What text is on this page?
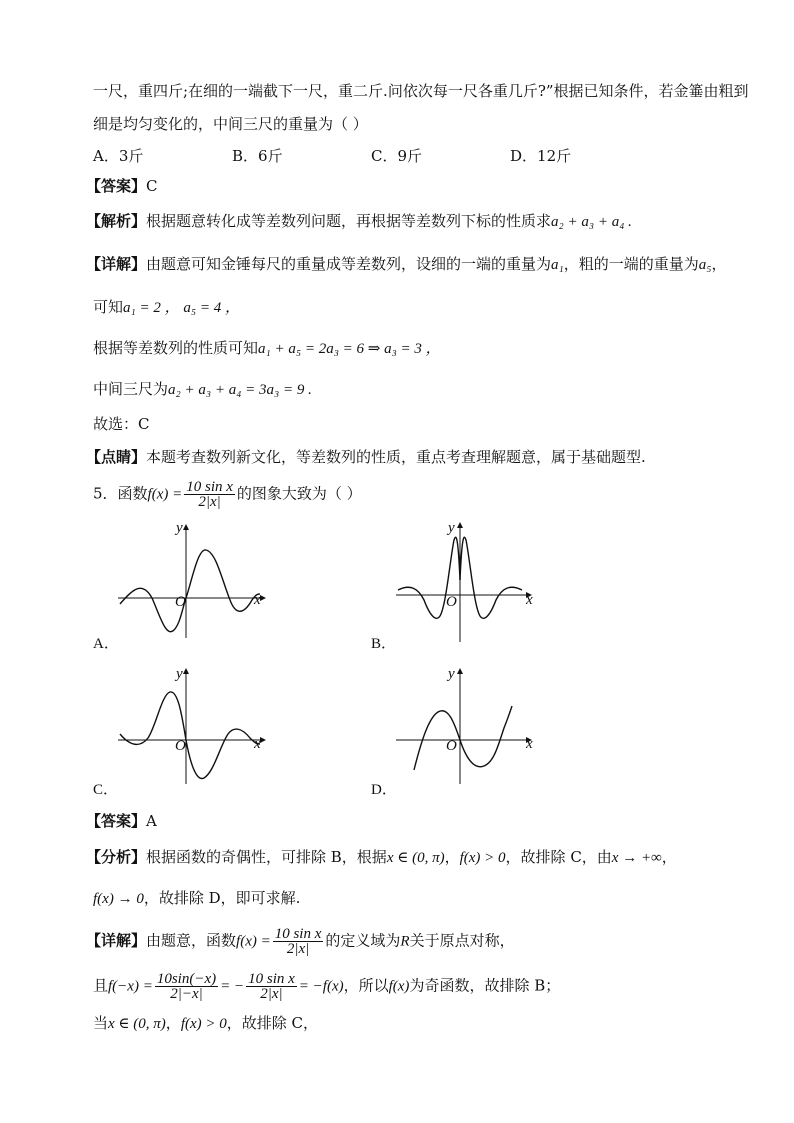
一尺，重四斤;在细的一端截下一尺，重二斤.问依次每一尺各重几斤?”根据已知条件，若金箠由粗到
细是均匀变化的，中间三尺的重量为（ ）
A．3斤	B．6斤	C．9斤	D．12斤
【答案】C
【解析】根据题意转化成等差数列问题，再根据等差数列下标的性质求a₂ + a₃ + a₄ .
【详解】由题意可知金锤每尺的重量成等差数列，设细的一端的重量为a₁，粗的一端的重量为a₅，
可知a₁ = 2 ， a₅ = 4 ，
根据等差数列的性质可知a₁ + a₅ = 2a₃ = 6 ⇒ a₃ = 3 ，
中间三尺为a₂ + a₃ + a₄ = 3a₃ = 9 .
故选：C
【点睛】本题考查数列新文化，等差数列的性质，重点考查理解题意，属于基础题型.
5．函数$f(x) = \frac{\text{10 sin x}}{2|x|}$ 的图象大致为（ ）
y
x
O
A．
y
x
O
B．
y
x
O
C．
y
x
O
D．
【答案】A
【分析】根据函数的奇偶性，可排除 B，根据x ∈ (0, π)，f(x) > 0，故排除 C，由x → +∞，
f(x) → 0，故排除 D，即可求解.
【详解】由题意，函数$f(x) = \frac{\text{10 sin x}}{2|x|}$ 的定义域为R关于原点对称，
且$f(-x) = \frac{10\sin(-x)}{2|-x|}$ = − $\frac{\text{10 sin x}}{2|x|} = -f(x)$，所以f(x)为奇函数，故排除 B；
当x ∈ (0, π)，f(x) > 0，故排除 C，
